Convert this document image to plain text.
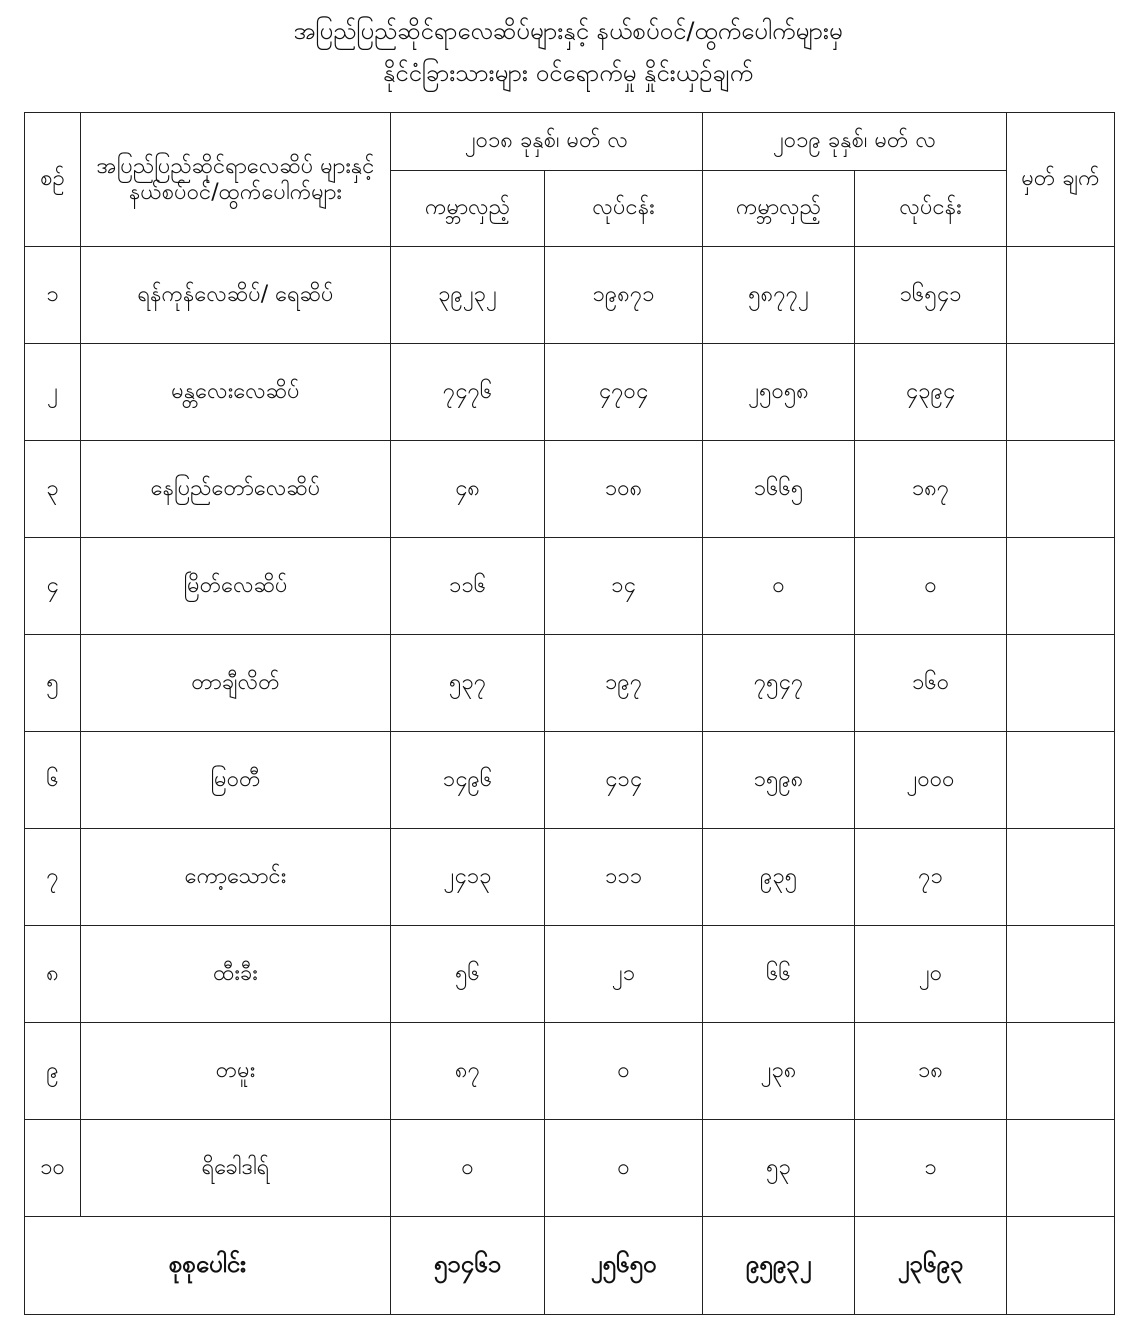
အပြည်ပြည်ဆိုင်ရာလေဆိပ်များနှင့် နယ်စပ်ဝင်/ထွက်ပေါက်များမှ
နိုင်ငံခြားသားများ ဝင်ရောက်မှု နှိုင်းယှဉ်ချက်
စဉ်	အပြည်ပြည်ဆိုင်ရာလေဆိပ် များနှင့် နယ်စပ်ဝင်/ထွက်ပေါက်များ	၂၀၁၈ ခုနှစ်၊ မတ် လ		၂၀၁၉ ခုနှစ်၊ မတ် လ		မှတ် ချက်
		ကမ္ဘာလှည့်	လုပ်ငန်း	ကမ္ဘာလှည့်	လုပ်ငန်း	
၁	ရန်ကုန်လေဆိပ်/ ရေဆိပ်	၃၉၂၃၂	၁၉၈၇၁	၅၈၇၇၂	၁၆၅၄၁	
၂	မန္တလေးလေဆိပ်	၇၄၇၆	၄၇၀၄	၂၅၀၅၈	၄၃၉၄	
၃	နေပြည်တော်လေဆိပ်	၄၈	၁၀၈	၁၆၆၅	၁၈၇	
၄	မြိတ်လေဆိပ်	၁၁၆	၁၄	၀	၀	
၅	တာချီလိတ်	၅၃၇	၁၉၇	၇၅၄၇	၁၆၀	
၆	မြဝတီ	၁၄၉၆	၄၁၄	၁၅၉၈	၂၀၀၀	
၇	ကော့သောင်း	၂၄၁၃	၁၁၁	၉၃၅	၇၁	
၈	ထီးခီး	၅၆	၂၁	၆၆	၂၀	
၉	တမူး	၈၇	၀	၂၃၈	၁၈	
၁၀	ရိခေါဒါရ်	၀	၀	၅၃	၁	
စုစုပေါင်း		၅၁၄၆၁	၂၅၆၅၀	၉၅၉၃၂	၂၃၆၉၃	
